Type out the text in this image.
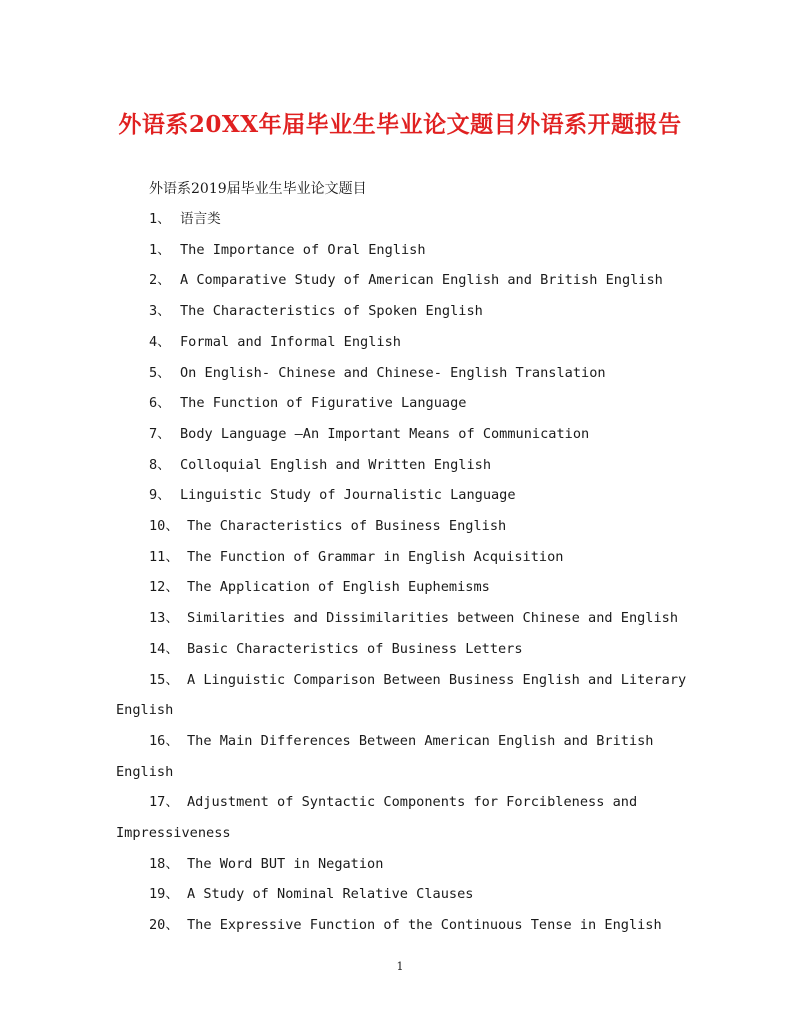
外语系20XX年届毕业生毕业论文题目外语系开题报告
外语系2019届毕业生毕业论文题目
1、 语言类
1、 The Importance of Oral English
2、 A Comparative Study of American English and British English
3、 The Characteristics of Spoken English
4、 Formal and Informal English
5、 On English- Chinese and Chinese- English Translation
6、 The Function of Figurative Language
7、 Body Language –An Important Means of Communication
8、 Colloquial English and Written English
9、 Linguistic Study of Journalistic Language
10、 The Characteristics of Business English
11、 The Function of Grammar in English Acquisition
12、 The Application of English Euphemisms
13、 Similarities and Dissimilarities between Chinese and English
14、 Basic Characteristics of Business Letters
15、 A Linguistic Comparison Between Business English and Literary
English
16、 The Main Differences Between American English and British
English
17、 Adjustment of Syntactic Components for Forcibleness and
Impressiveness
18、 The Word BUT in Negation
19、 A Study of Nominal Relative Clauses
20、 The Expressive Function of the Continuous Tense in English
1
